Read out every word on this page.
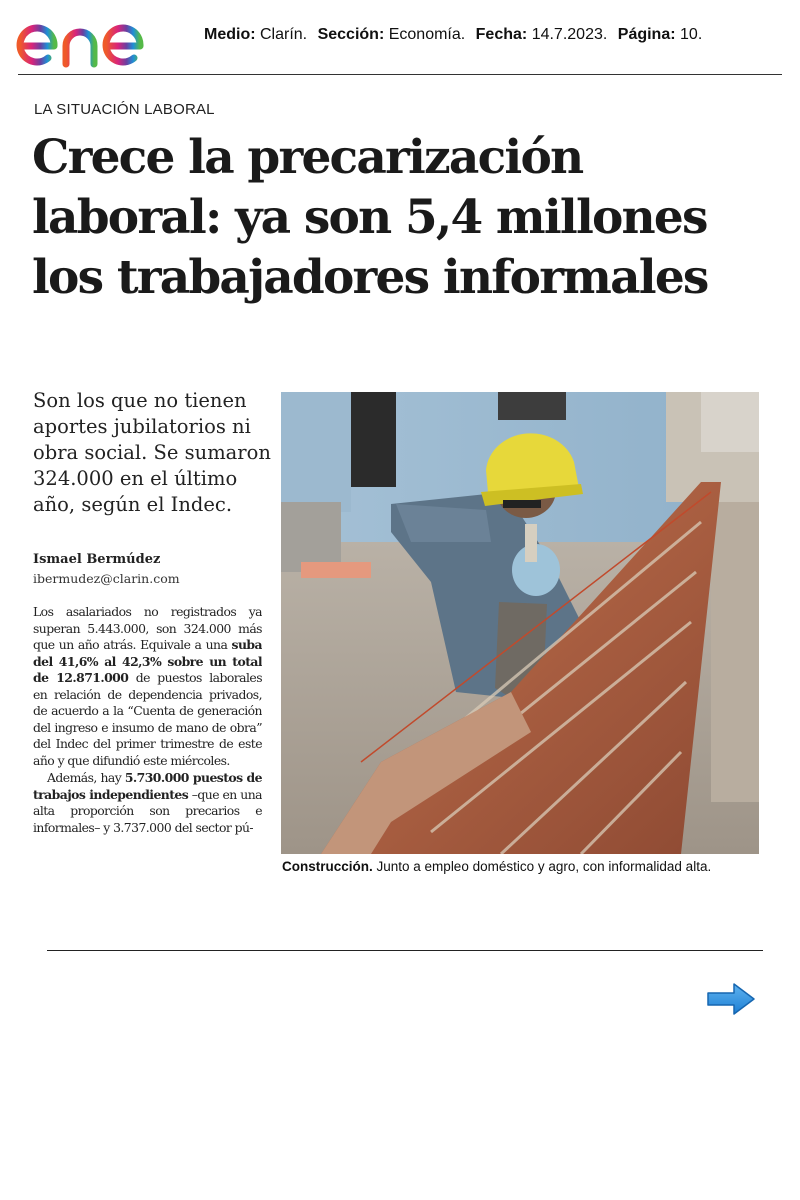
Medio: Clarín. Sección: Economía. Fecha: 14.7.2023. Página: 10.
LA SITUACIÓN LABORAL
Crece la precarización
laboral: ya son 5,4 millones
los trabajadores informales

Son los que no tienen aportes jubilatorios ni obra social. Se sumaron 324.000 en el último año, según el Indec.

Ismael Bermúdez
ibermudez@clarin.com

Los asalariados no registrados ya superan 5.443.000, son 324.000 más que un año atrás. Equivale a una suba del 41,6% al 42,3% sobre un total de 12.871.000 de puestos laborales en relación de dependencia privados, de acuerdo a la “Cuenta de generación del ingreso e insumo de mano de obra” del Indec del primer trimestre de este año y que difundió este miércoles.

Además, hay 5.730.000 puestos de trabajos independientes –que en una alta proporción son precarios e informales– y 3.737.000 del sector pú-

Construcción. Junto a empleo doméstico y agro, con informalidad alta.
